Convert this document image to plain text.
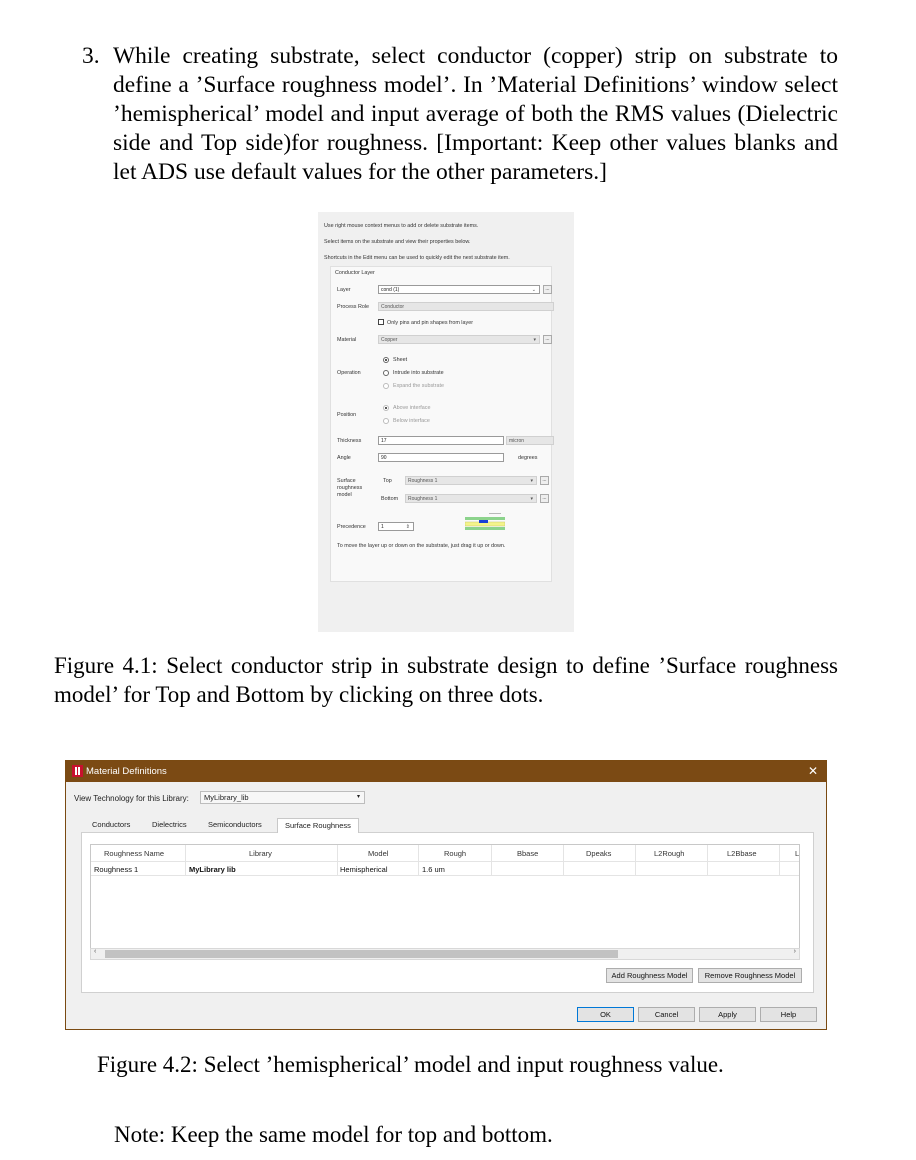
3. While creating substrate, select conductor (copper) strip on substrate to define a ’Surface roughness model’. In ’Material Definitions’ window select ’hemispherical’ model and input average of both the RMS values (Dielectric side and Top side)for roughness. [Important: Keep other values blanks and let ADS use default values for the other parameters.]
Use right mouse context menus to add or delete substrate items.
Select items on the substrate and view their properties below.
Shortcuts in the Edit menu can be used to quickly edit the next substrate item.
Conductor Layer
Layer	cond (1)	⌄	...
Process Role	Conductor
Only pins and pin shapes from layer
Material	Copper	▾	...
Sheet
Operation	Intrude into substrate
Expand the substrate
Above interface
Position
Below interface
Thickness	17	micron
Angle	90	degrees
Surface
roughness
model
Top	Roughness 1	▾	...
Bottom	Roughness 1	▾	...
Precedence	1	⇕
To move the layer up or down on the substrate, just drag it up or down.
Figure 4.1: Select conductor strip in substrate design to define ’Surface roughness model’ for Top and Bottom by clicking on three dots.
Material Definitions	✕
View Technology for this Library:	MyLibrary_lib	▾
Conductors	Dielectrics	Semiconductors	Surface Roughness
Roughness Name	Library	Model	Rough	Bbase	Dpeaks	L2Rough	L2Bbase	L
Roughness 1	MyLibrary lib	Hemispherical	1.6 um
‹	›
Add Roughness Model	Remove Roughness Model
OK	Cancel	Apply	Help
Figure 4.2: Select ’hemispherical’ model and input roughness value.
Note: Keep the same model for top and bottom.
